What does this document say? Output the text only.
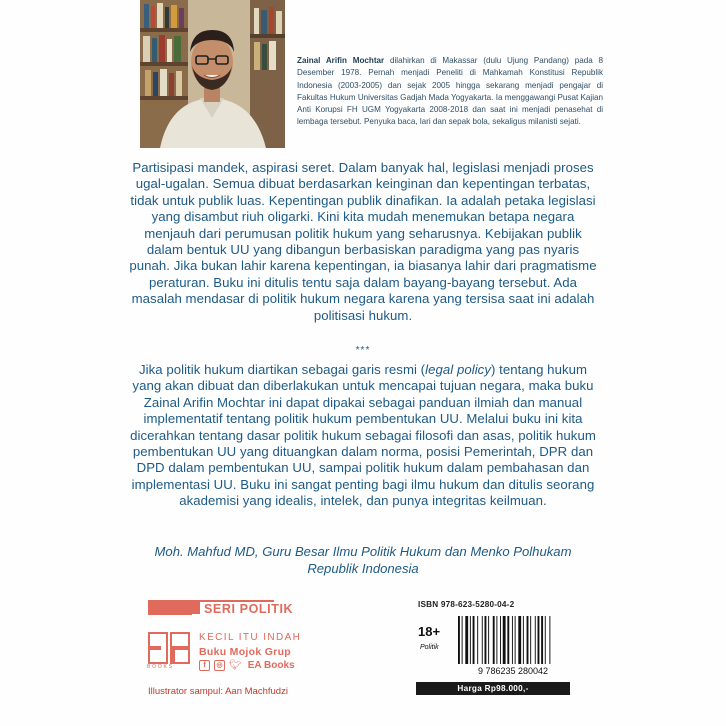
Zainal Arifin Mochtar dilahirkan di Makassar (dulu Ujung Pandang) pada 8 Desember 1978. Pernah menjadi Peneliti di Mahkamah Konstitusi Republik Indonesia (2003-2005) dan sejak 2005 hingga sekarang menjadi pengajar di Fakultas Hukum Universitas Gadjah Mada Yogyakarta. Ia menggawangi Pusat Kajian Anti Korupsi FH UGM Yogyakarta 2008-2018 dan saat ini menjadi penasehat di lembaga tersebut. Penyuka baca, lari dan sepak bola, sekaligus milanisti sejati.
Partisipasi mandek, aspirasi seret. Dalam banyak hal, legislasi menjadi proses ugal-ugalan. Semua dibuat berdasarkan keinginan dan kepentingan terbatas, tidak untuk publik luas. Kepentingan publik dinafikan. Ia adalah petaka legislasi yang disambut riuh oligarki. Kini kita mudah menemukan betapa negara menjauh dari perumusan politik hukum yang seharusnya. Kebijakan publik dalam bentuk UU yang dibangun berbasiskan paradigma yang pas nyaris punah. Jika bukan lahir karena kepentingan, ia biasanya lahir dari pragmatisme peraturan. Buku ini ditulis tentu saja dalam bayang-bayang tersebut. Ada masalah mendasar di politik hukum negara karena yang tersisa saat ini adalah politisasi hukum.
***
Jika politik hukum diartikan sebagai garis resmi (legal policy) tentang hukum yang akan dibuat dan diberlakukan untuk mencapai tujuan negara, maka buku Zainal Arifin Mochtar ini dapat dipakai sebagai panduan ilmiah dan manual implementatif tentang politik hukum pembentukan UU. Melalui buku ini kita dicerahkan tentang dasar politik hukum sebagai filosofi dan asas, politik hukum pembentukan UU yang dituangkan dalam norma, posisi Pemerintah, DPR dan DPD dalam pembentukan UU, sampai politik hukum dalam pembahasan dan implementasi UU. Buku ini sangat penting bagi ilmu hukum dan ditulis seorang akademisi yang idealis, intelek, dan punya integritas keilmuan.
Moh. Mahfud MD, Guru Besar Ilmu Politik Hukum dan Menko Polhukam Republik Indonesia
SERI POLITIK
BOOKS
KECIL ITU INDAH
Buku Mojok Grup
f	◎ 🐦︎ EA Books
Illustrator sampul: Aan Machfudzi
ISBN 978-623-5280-04-2
18+
Politik
9 786235 280042
Harga Rp98.000,-
